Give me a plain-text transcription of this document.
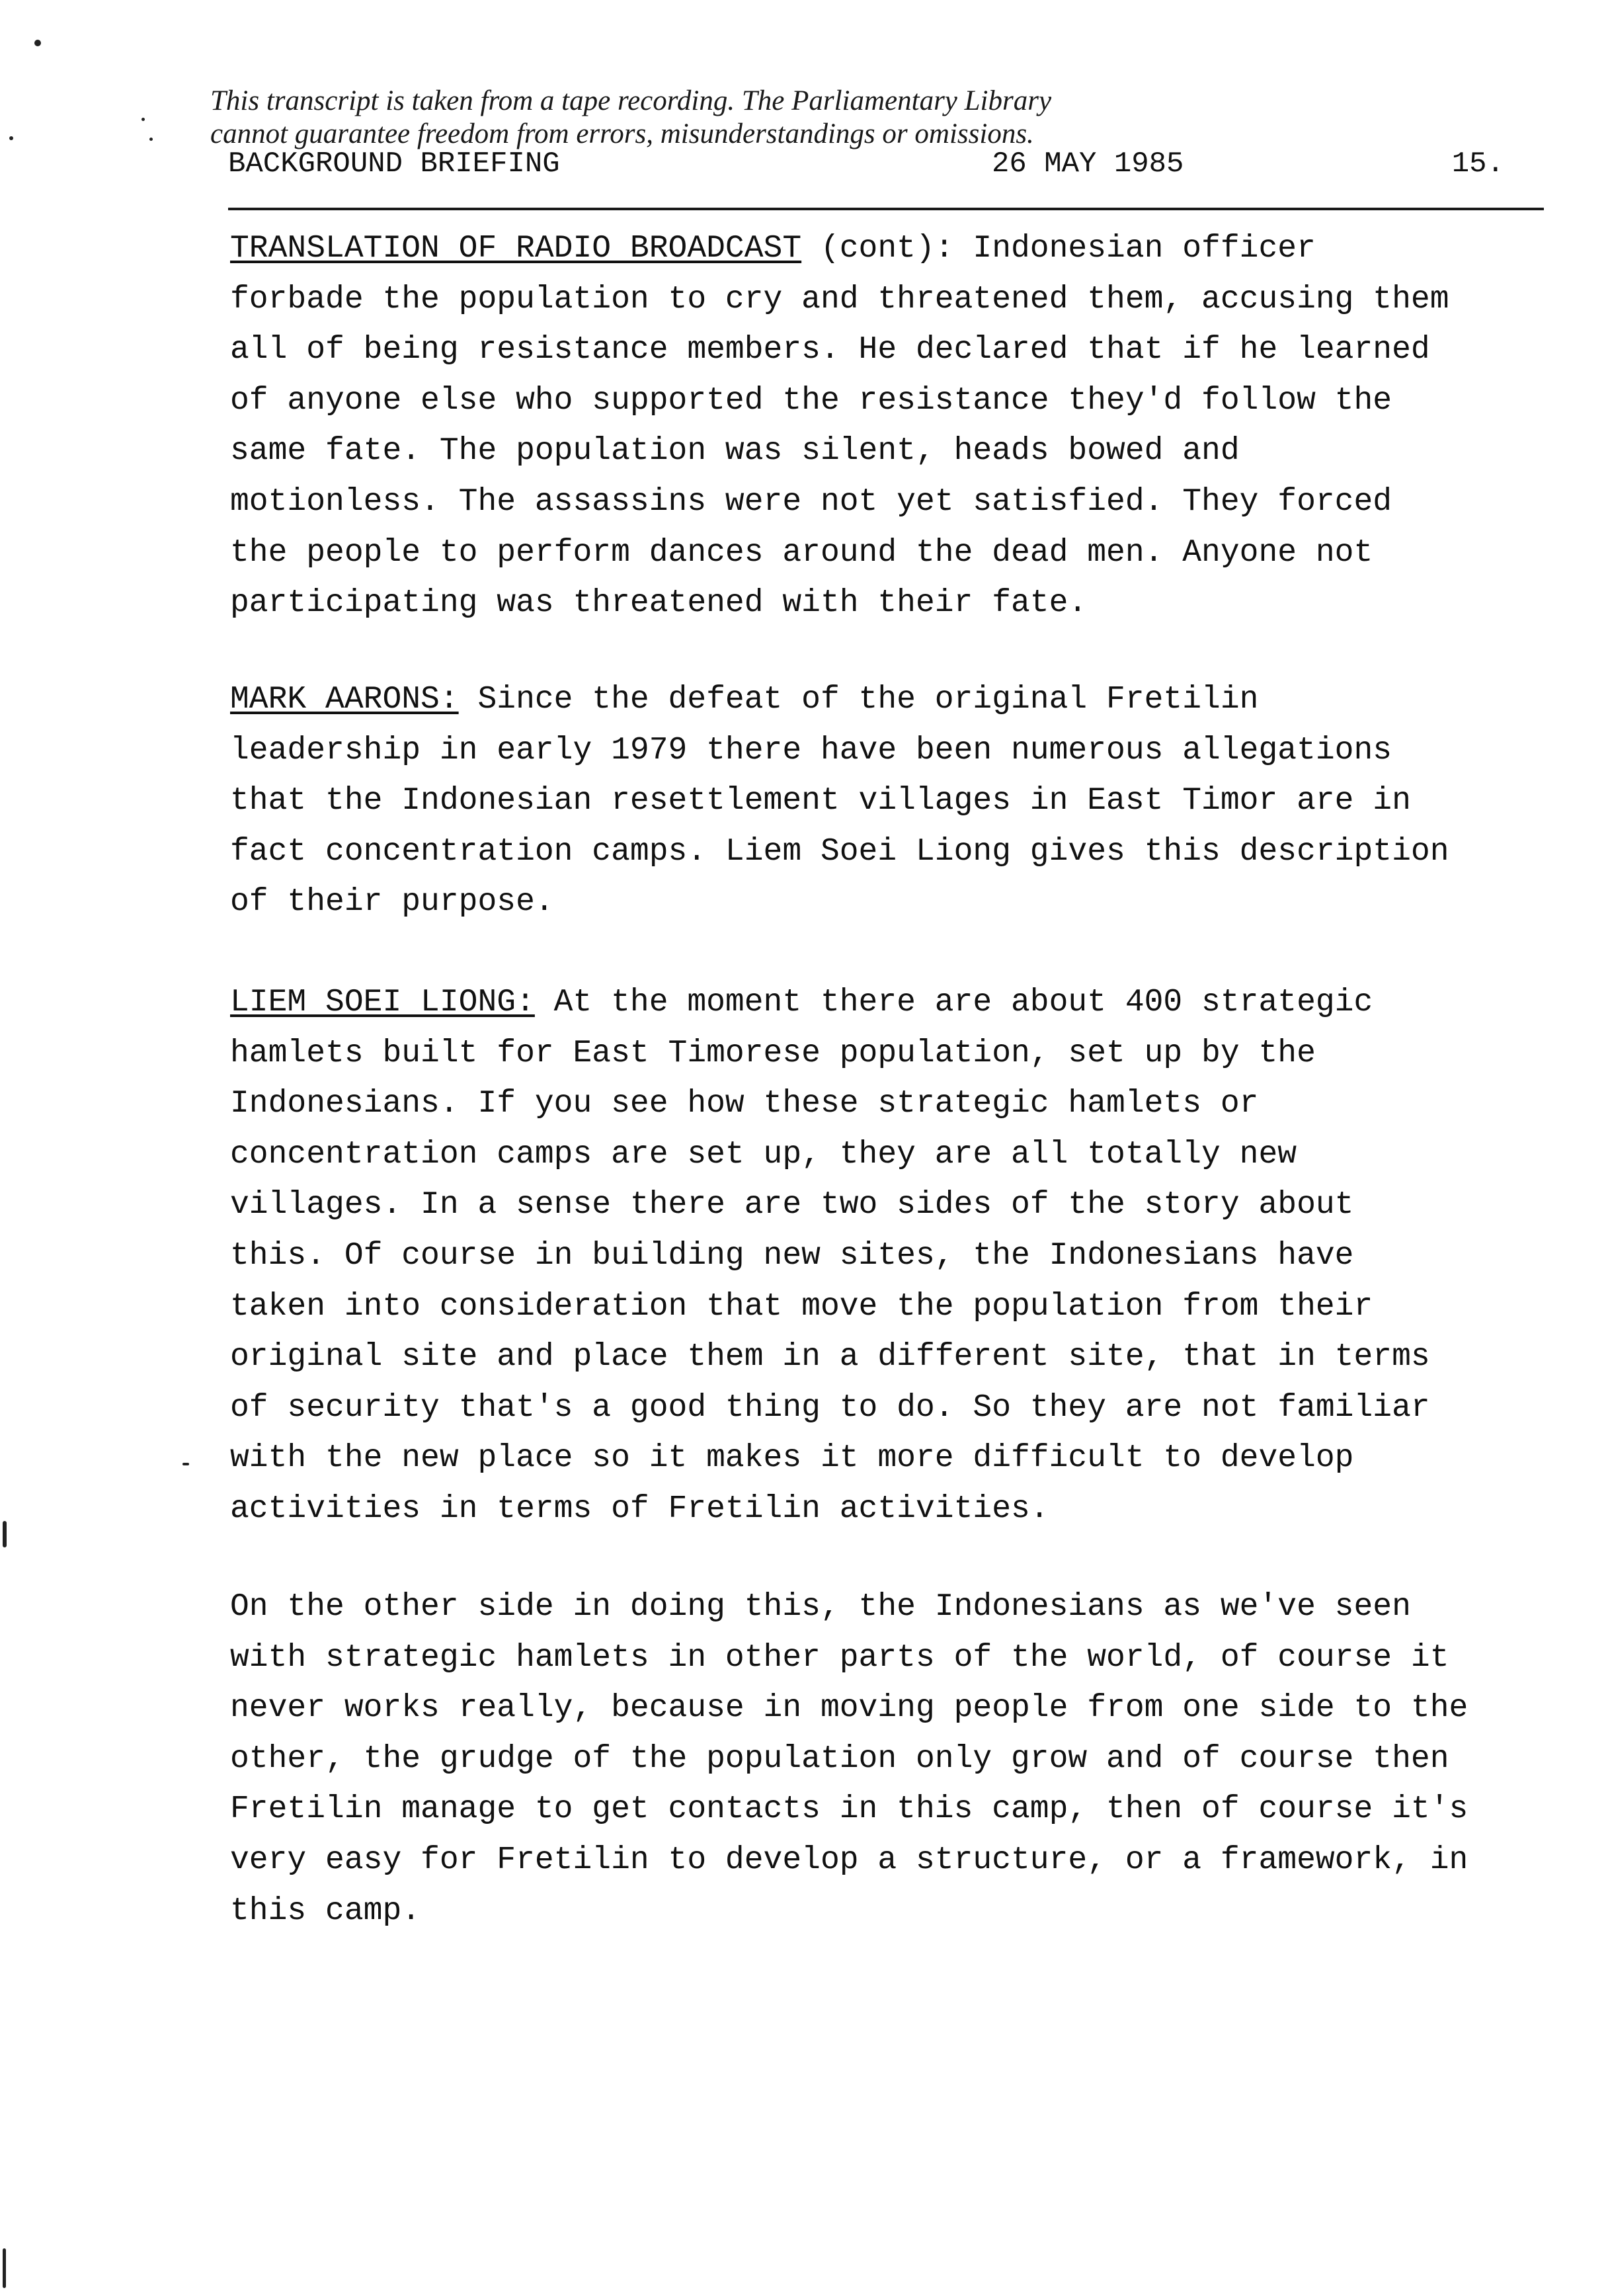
This transcript is taken from a tape recording. The Parliamentary Library
cannot guarantee freedom from errors, misunderstandings or omissions.
BACKGROUND BRIEFING	26 MAY 1985	15.
TRANSLATION OF RADIO BROADCAST (cont): Indonesian officer
forbade the population to cry and threatened them, accusing them
all of being resistance members. He declared that if he learned
of anyone else who supported the resistance they'd follow the
same fate. The population was silent, heads bowed and
motionless. The assassins were not yet satisfied. They forced
the people to perform dances around the dead men. Anyone not
participating was threatened with their fate.
MARK AARONS: Since the defeat of the original Fretilin
leadership in early 1979 there have been numerous allegations
that the Indonesian resettlement villages in East Timor are in
fact concentration camps. Liem Soei Liong gives this description
of their purpose.
LIEM SOEI LIONG: At the moment there are about 400 strategic
hamlets built for East Timorese population, set up by the
Indonesians. If you see how these strategic hamlets or
concentration camps are set up, they are all totally new
villages. In a sense there are two sides of the story about
this. Of course in building new sites, the Indonesians have
taken into consideration that move the population from their
original site and place them in a different site, that in terms
of security that's a good thing to do. So they are not familiar
with the new place so it makes it more difficult to develop
activities in terms of Fretilin activities.
On the other side in doing this, the Indonesians as we've seen
with strategic hamlets in other parts of the world, of course it
never works really, because in moving people from one side to the
other, the grudge of the population only grow and of course then
Fretilin manage to get contacts in this camp, then of course it's
very easy for Fretilin to develop a structure, or a framework, in
this camp.
